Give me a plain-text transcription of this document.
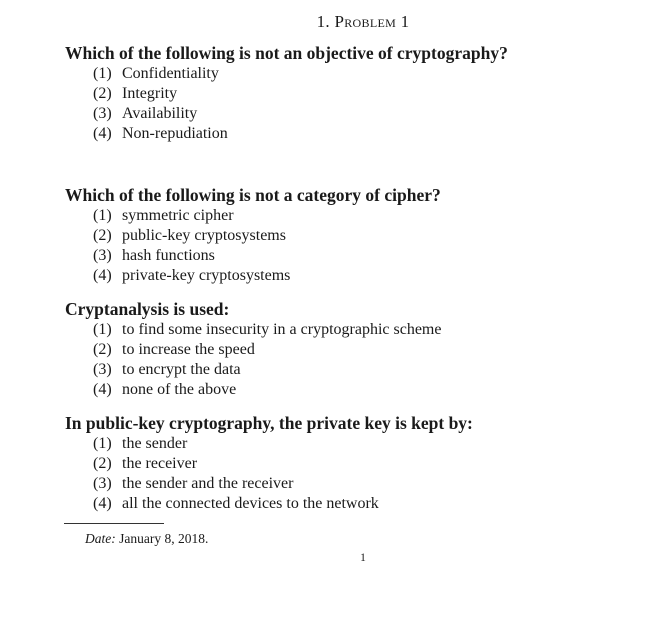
1. Problem 1
Which of the following is not an objective of cryptography?
(1) Confidentiality
(2) Integrity
(3) Availability
(4) Non-repudiation
Which of the following is not a category of cipher?
(1) symmetric cipher
(2) public-key cryptosystems
(3) hash functions
(4) private-key cryptosystems
Cryptanalysis is used:
(1) to find some insecurity in a cryptographic scheme
(2) to increase the speed
(3) to encrypt the data
(4) none of the above
In public-key cryptography, the private key is kept by:
(1) the sender
(2) the receiver
(3) the sender and the receiver
(4) all the connected devices to the network
Date: January 8, 2018.
1
